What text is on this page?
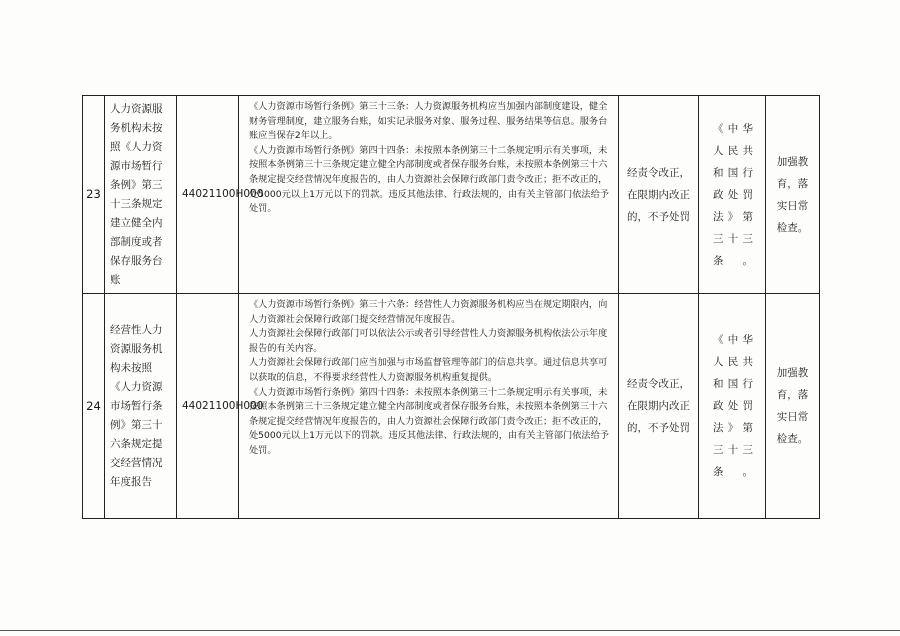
23	人力资源服务机构未按照《人力资源市场暂行条例》第三十三条规定建立健全内部制度或者保存服务台账	44021100H000	《人力资源市场暂行条例》第三十三条：人力资源服务机构应当加强内部制度建设，健全财务管理制度，建立服务台账，如实记录服务对象、服务过程、服务结果等信息。服务台账应当保存2年以上。

《人力资源市场暂行条例》第四十四条：未按照本条例第三十二条规定明示有关事项，未按照本条例第三十三条规定建立健全内部制度或者保存服务台账，未按照本条例第三十六条规定提交经营情况年度报告的，由人力资源社会保障行政部门责令改正；拒不改正的，处5000元以上1万元以下的罚款。违反其他法律、行政法规的，由有关主管部门依法给予处罚。	经责令改正，在限期内改正的，不予处罚	《中华人民共和国行政处罚法》第三十三条。	加强教育，落实日常检查。
24	经营性人力资源服务机构未按照《人力资源市场暂行条例》第三十六条规定提交经营情况年度报告	44021100H000	《人力资源市场暂行条例》第三十六条：经营性人力资源服务机构应当在规定期限内，向人力资源社会保障行政部门提交经营情况年度报告。

人力资源社会保障行政部门可以依法公示或者引导经营性人力资源服务机构依法公示年度报告的有关内容。

人力资源社会保障行政部门应当加强与市场监督管理等部门的信息共享。通过信息共享可以获取的信息，不得要求经营性人力资源服务机构重复提供。

《人力资源市场暂行条例》第四十四条：未按照本条例第三十二条规定明示有关事项，未按照本条例第三十三条规定建立健全内部制度或者保存服务台账，未按照本条例第三十六条规定提交经营情况年度报告的，由人力资源社会保障行政部门责令改正；拒不改正的，处5000元以上1万元以下的罚款。违反其他法律、行政法规的，由有关主管部门依法给予处罚。	经责令改正，在限期内改正的，不予处罚	《中华人民共和国行政处罚法》第三十三条。	加强教育，落实日常检查。
